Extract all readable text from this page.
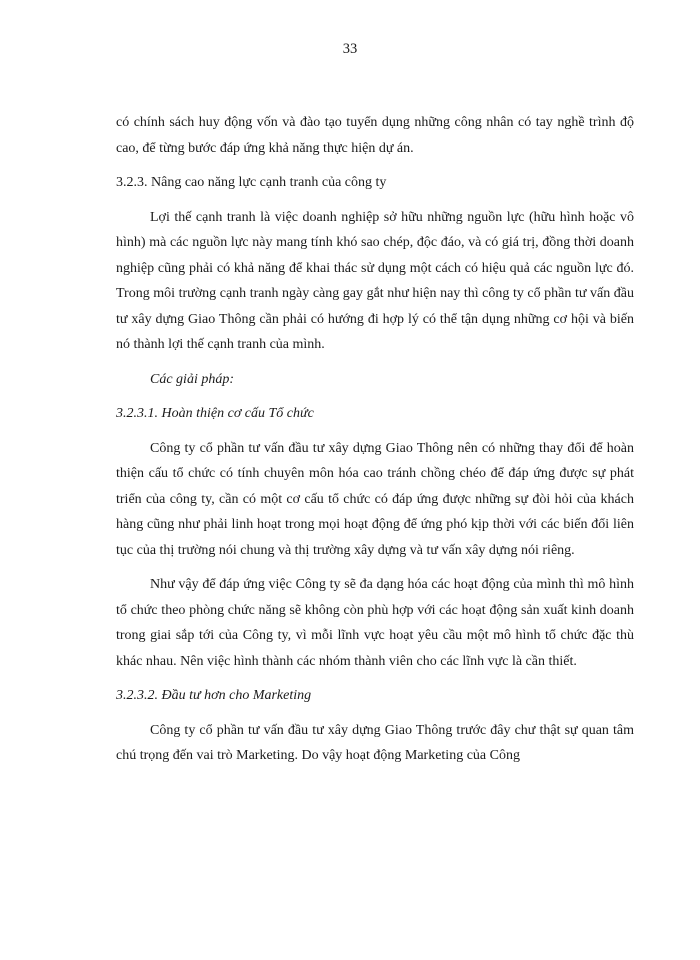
33

có chính sách huy động vốn và đào tạo tuyển dụng những công nhân có tay nghề trình độ cao, để từng bước đáp ứng khả năng thực hiện dự án.

3.2.3. Nâng cao năng lực cạnh tranh của công ty

Lợi thế cạnh tranh là việc doanh nghiệp sở hữu những nguồn lực (hữu hình hoặc vô hình) mà các nguồn lực này mang tính khó sao chép, độc đáo, và có giá trị, đồng thời doanh nghiệp cũng phải có khả năng để khai thác sử dụng một cách có hiệu quả các nguồn lực đó. Trong môi trường cạnh tranh ngày càng gay gắt như hiện nay thì công ty cổ phần tư vấn đầu tư xây dựng Giao Thông cần phải có hướng đi hợp lý có thể tận dụng những cơ hội và biến nó thành lợi thế cạnh tranh của mình.

Các giải pháp:

3.2.3.1. Hoàn thiện cơ cấu Tổ chức

Công ty cổ phần tư vấn đầu tư xây dựng Giao Thông nên có những thay đổi để hoàn thiện cấu tổ chức có tính chuyên môn hóa cao tránh chồng chéo để đáp ứng được sự phát triển của công ty, cần có một cơ cấu tổ chức có đáp ứng được những sự đòi hỏi của khách hàng cũng như phải linh hoạt trong mọi hoạt động để ứng phó kịp thời với các biến đổi liên tục của thị trường nói chung và thị trường xây dựng và tư vấn xây dựng nói riêng.

Như vậy để đáp ứng việc Công ty sẽ đa dạng hóa các hoạt động của mình thì mô hình tổ chức theo phòng chức năng sẽ không còn phù hợp với các hoạt động sản xuất kinh doanh trong giai sắp tới của Công ty, vì mỗi lĩnh vực hoạt yêu cầu một mô hình tổ chức đặc thù khác nhau. Nên việc hình thành các nhóm thành viên cho các lĩnh vực là cần thiết.

3.2.3.2. Đầu tư hơn cho Marketing

Công ty cổ phần tư vấn đầu tư xây dựng Giao Thông trước đây chư thật sự quan tâm chú trọng đến vai trò Marketing. Do vậy hoạt động Marketing của Công
